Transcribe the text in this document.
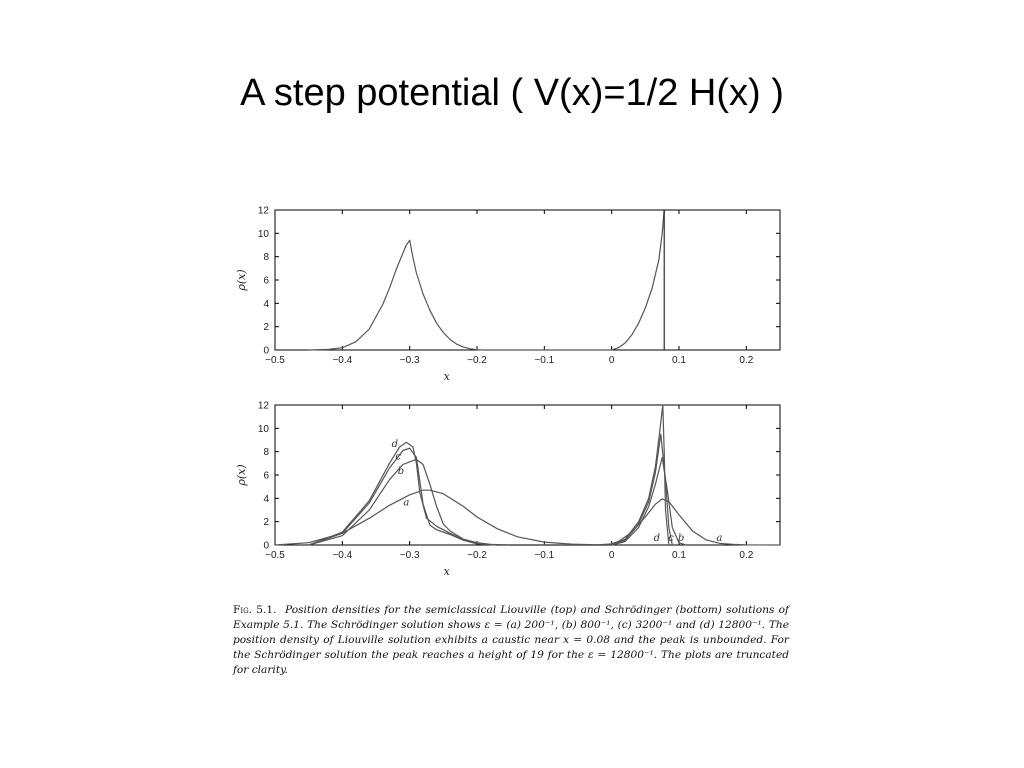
A step potential ( V(x)=1/2 H(x) )
−0.5	−0.4	−0.3	−0.2	−0.1	0	0.1	0.2
0
2
4
6
8
10
12
x
ρ(x)
−0.5	−0.4	−0.3	−0.2	−0.1	0	0.1	0.2
0
2
4
6
8
10
12
x
ρ(x)
a
b
c
d
d c b	a
Fig. 5.1. Position densities for the semiclassical Liouville (top) and Schrödinger (bottom) solutions of Example 5.1. The Schrödinger solution shows ε = (a) 200⁻¹, (b) 800⁻¹, (c) 3200⁻¹ and (d) 12800⁻¹. The position density of Liouville solution exhibits a caustic near x = 0.08 and the peak is unbounded. For the Schrödinger solution the peak reaches a height of 19 for the ε = 12800⁻¹. The plots are truncated for clarity.
